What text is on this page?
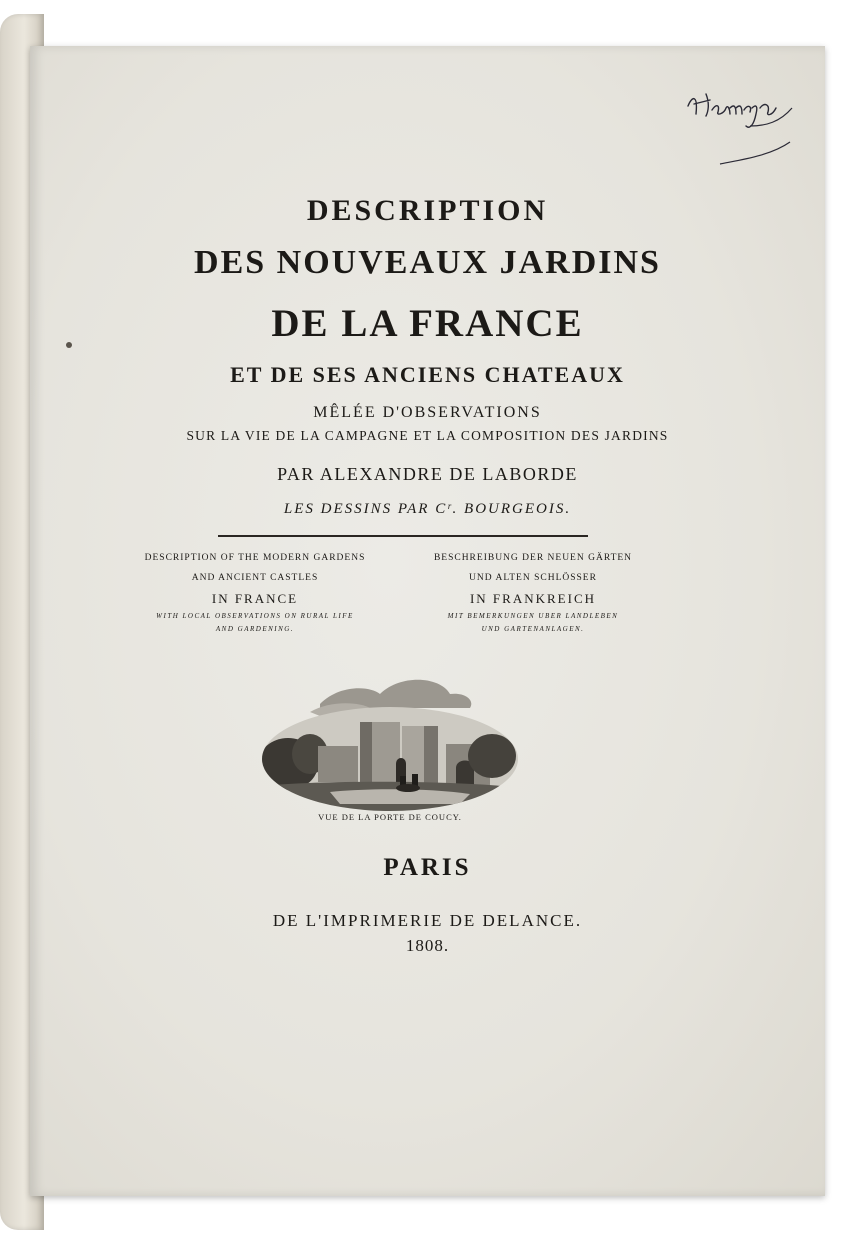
DESCRIPTION
DES NOUVEAUX JARDINS
DE LA FRANCE
ET DE SES ANCIENS CHATEAUX
MÊLÉE D'OBSERVATIONS
SUR LA VIE DE LA CAMPAGNE ET LA COMPOSITION DES JARDINS
PAR ALEXANDRE DE LABORDE
LES DESSINS PAR Cʳ. BOURGEOIS.
DESCRIPTION OF THE MODERN GARDENS
AND ANCIENT CASTLES
IN FRANCE
WITH LOCAL OBSERVATIONS ON RURAL LIFE
AND GARDENING.
BESCHREIBUNG DER NEUEN GÄRTEN
UND ALTEN SCHLÖSSER
IN FRANKREICH
MIT BEMERKUNGEN UBER LANDLEBEN
UND GARTENANLAGEN.
VUE DE LA PORTE DE COUCY.
PARIS
DE L'IMPRIMERIE DE DELANCE.
1808.
